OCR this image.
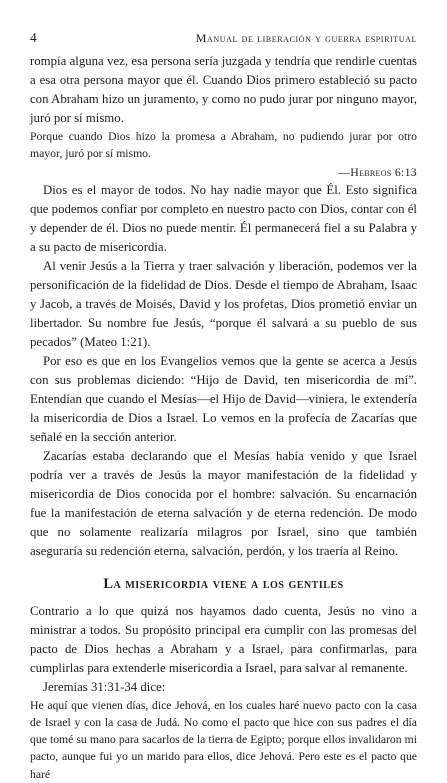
4	Manual de liberación y guerra espiritual

rompía alguna vez, esa persona sería juzgada y tendría que rendirle cuentas a esa otra persona mayor que él. Cuando Dios primero estableció su pacto con Abraham hizo un juramento, y como no pudo jurar por ninguno mayor, juró por sí mismo.

Porque cuando Dios hizo la promesa a Abraham, no pudiendo jurar por otro mayor, juró por sí mismo.

—Hebreos 6:13

Dios es el mayor de todos. No hay nadie mayor que Él. Esto significa que podemos confiar por completo en nuestro pacto con Dios, contar con él y depender de él. Dios no puede mentir. Él permanecerá fiel a su Palabra y a su pacto de misericordia.

Al venir Jesús a la Tierra y traer salvación y liberación, podemos ver la personificación de la fidelidad de Dios. Desde el tiempo de Abraham, Isaac y Jacob, a través de Moisés, David y los profetas, Dios prometió enviar un libertador. Su nombre fue Jesús, “porque él salvará a su pueblo de sus pecados” (Mateo 1:21).

Por eso es que en los Evangelios vemos que la gente se acerca a Jesús con sus problemas diciendo: “Hijo de David, ten misericordia de mí”. Entendían que cuando el Mesías—el Hijo de David—viniera, le extendería la misericordia de Dios a Israel. Lo vemos en la profecía de Zacarías que señalé en la sección anterior.

Zacarías estaba declarando que el Mesías había venido y que Israel podría ver a través de Jesús la mayor manifestación de la fidelidad y misericordia de Dios conocida por el hombre: salvación. Su encarnación fue la manifestación de eterna salvación y de eterna redención. De modo que no solamente realizaría milagros por Israel, sino que también aseguraría su redención eterna, salvación, perdón, y los traería al Reino.

La misericordia viene a los gentiles

Contrario a lo que quizá nos hayamos dado cuenta, Jesús no vino a ministrar a todos. Su propósito principal era cumplir con las promesas del pacto de Dios hechas a Abraham y a Israel, para confirmarlas, para cumplirlas para extenderle misericordia a Israel, para salvar al remanente.

Jeremías 31:31-34 dice:

He aquí que vienen días, dice Jehová, en los cuales haré nuevo pacto con la casa de Israel y con la casa de Judá. No como el pacto que hice con sus padres el día que tomé su mano para sacarlos de la tierra de Egipto; porque ellos invalidaron mi pacto, aunque fui yo un marido para ellos, dice Jehová. Pero este es el pacto que haré
